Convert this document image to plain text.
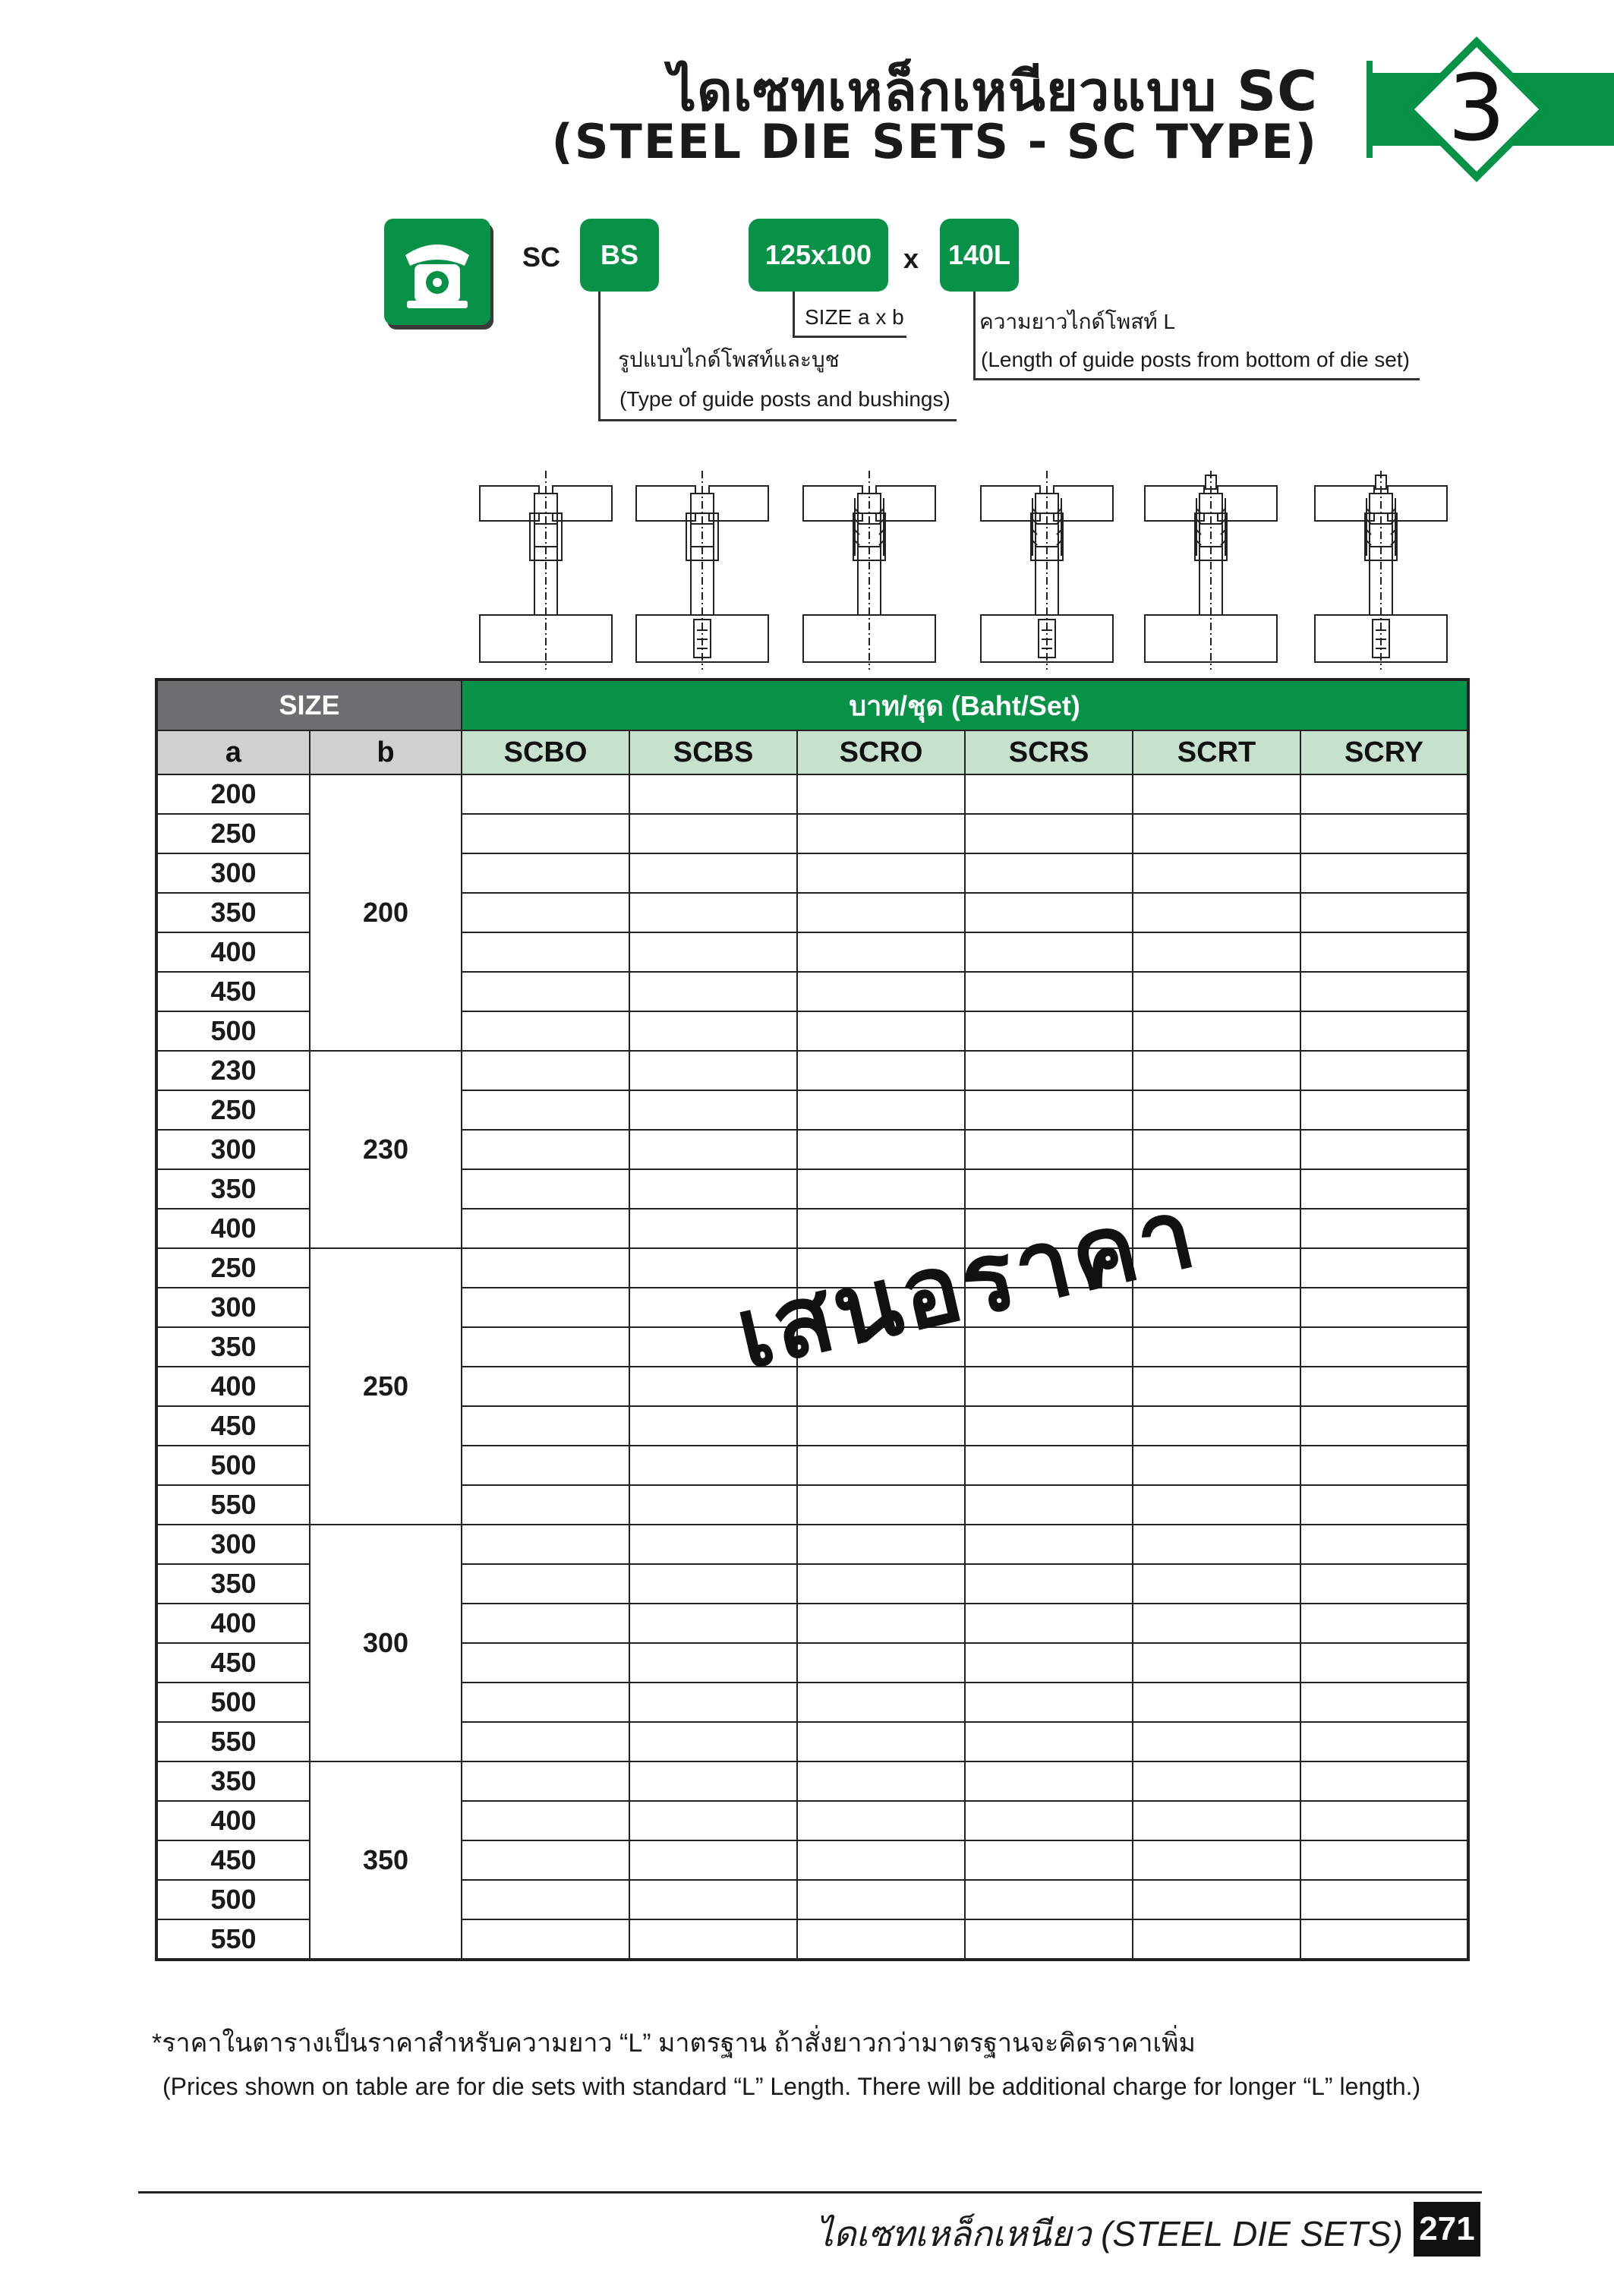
ไดเซทเหล็กเหนียวแบบ SC
(STEEL DIE SETS - SC TYPE)	3
SC	BS	125x100	x	140L
SIZE a x b	ความยาวไกด์โพสท์ L
(Length of guide posts from bottom of die set)
รูปแบบไกด์โพสท์และบูช
(Type of guide posts and bushings)
SIZE		บาท/ชุด (Baht/Set)					
a	b	SCBO	SCBS	SCRO	SCRS	SCRT	SCRY
200	200						
250							
300							
350							
400							
450							
500							
230	230						
250							
300							
350							
400							
250	250						
300							
350							
400							
450							
500							
550							
300	300						
350							
400							
450							
500							
550							
350	350						
400							
450							
500							
550							
เสนอราคา
*ราคาในตารางเป็นราคาสำหรับความยาว “L” มาตรฐาน ถ้าสั่งยาวกว่ามาตรฐานจะคิดราคาเพิ่ม
(Prices shown on table are for die sets with standard “L” Length. There will be additional charge for longer “L” length.)
ไดเซทเหล็กเหนียว (STEEL DIE SETS) 271
